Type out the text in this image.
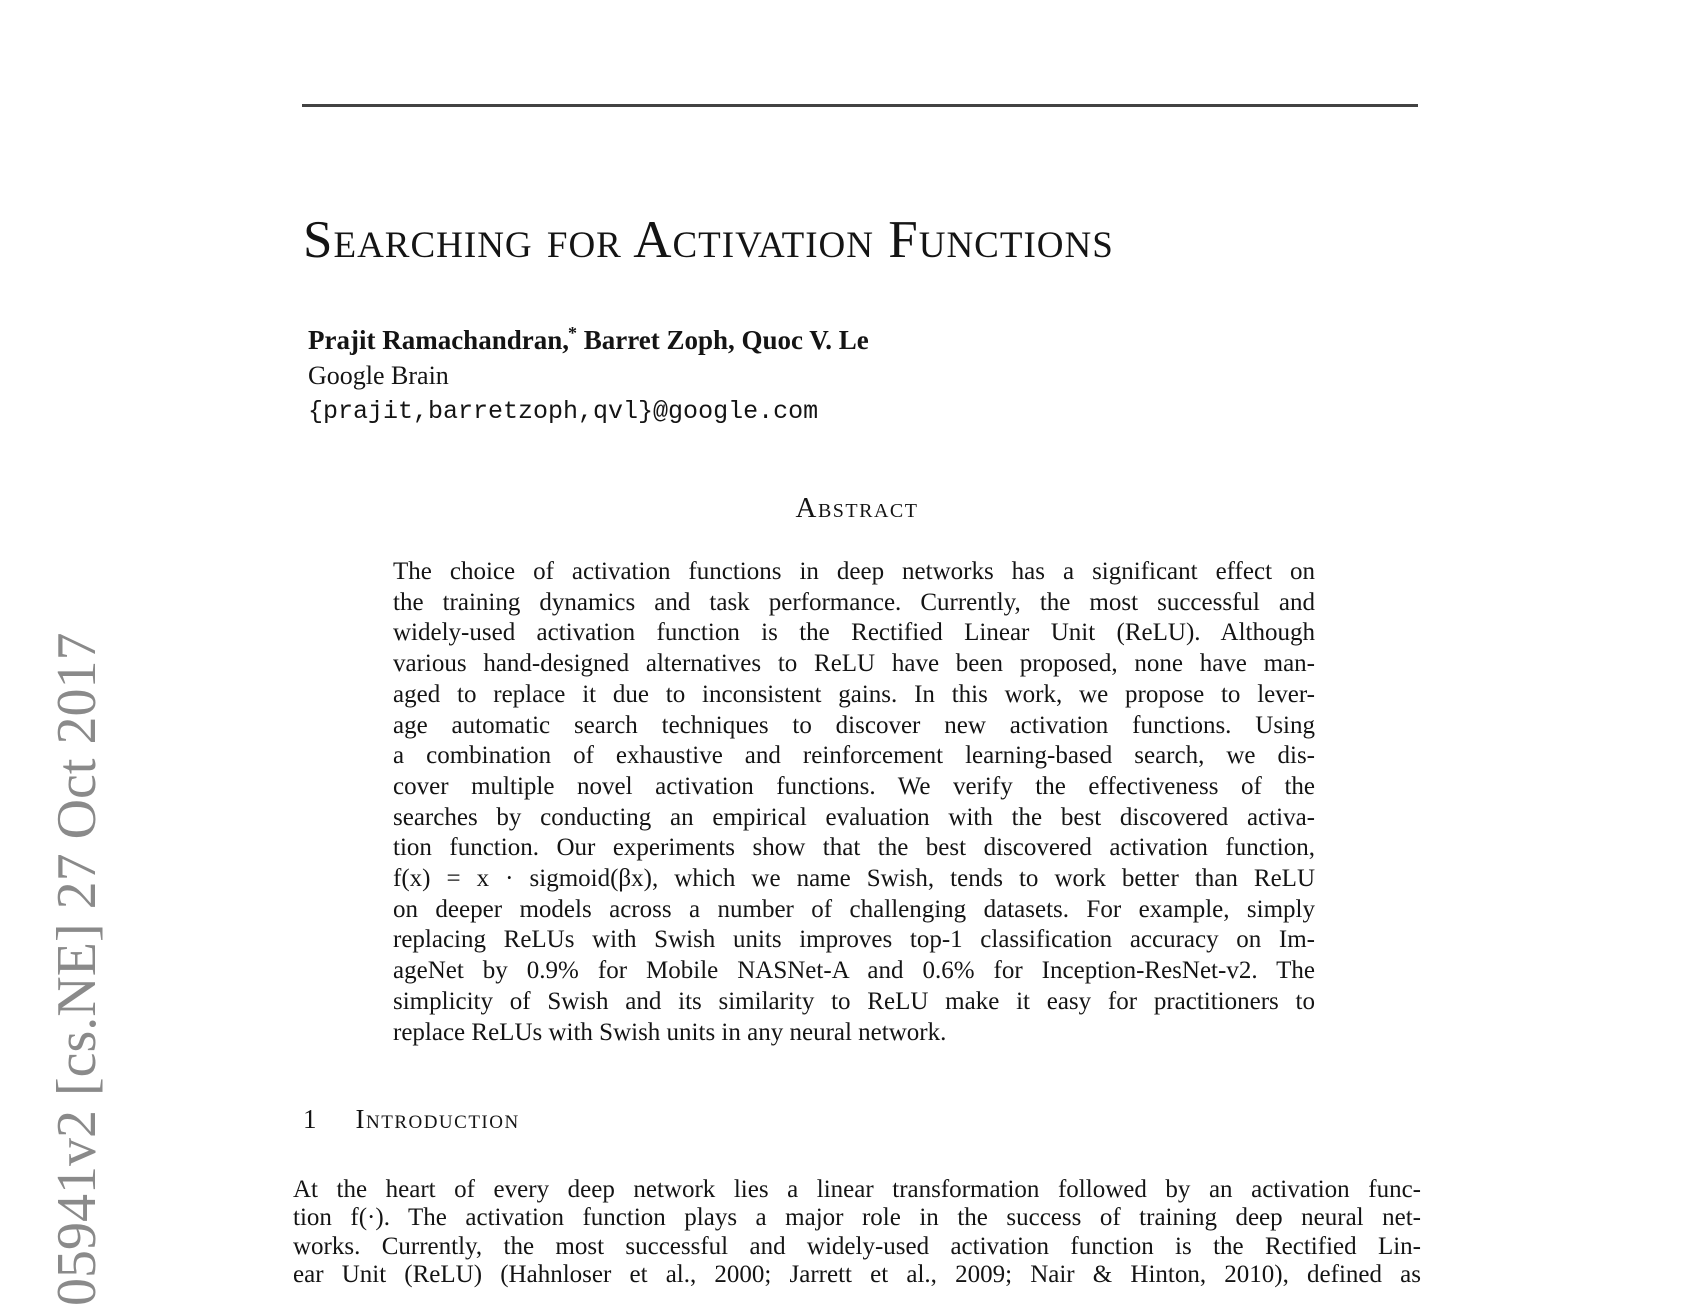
05941v2 [cs.NE] 27 Oct 2017
Searching for Activation Functions
Prajit Ramachandran,* Barret Zoph, Quoc V. Le
Google Brain
{prajit,barretzoph,qvl}@google.com
Abstract
The choice of activation functions in deep networks has a significant effect on
the training dynamics and task performance. Currently, the most successful and
widely-used activation function is the Rectified Linear Unit (ReLU). Although
various hand-designed alternatives to ReLU have been proposed, none have man-
aged to replace it due to inconsistent gains. In this work, we propose to lever-
age automatic search techniques to discover new activation functions. Using
a combination of exhaustive and reinforcement learning-based search, we dis-
cover multiple novel activation functions. We verify the effectiveness of the
searches by conducting an empirical evaluation with the best discovered activa-
tion function. Our experiments show that the best discovered activation function,
f(x) = x · sigmoid(βx), which we name Swish, tends to work better than ReLU
on deeper models across a number of challenging datasets. For example, simply
replacing ReLUs with Swish units improves top-1 classification accuracy on Im-
ageNet by 0.9% for Mobile NASNet-A and 0.6% for Inception-ResNet-v2. The
simplicity of Swish and its similarity to ReLU make it easy for practitioners to
replace ReLUs with Swish units in any neural network.
1 Introduction
At the heart of every deep network lies a linear transformation followed by an activation func-
tion f(·). The activation function plays a major role in the success of training deep neural net-
works. Currently, the most successful and widely-used activation function is the Rectified Lin-
ear Unit (ReLU) (Hahnloser et al., 2000; Jarrett et al., 2009; Nair & Hinton, 2010), defined as
